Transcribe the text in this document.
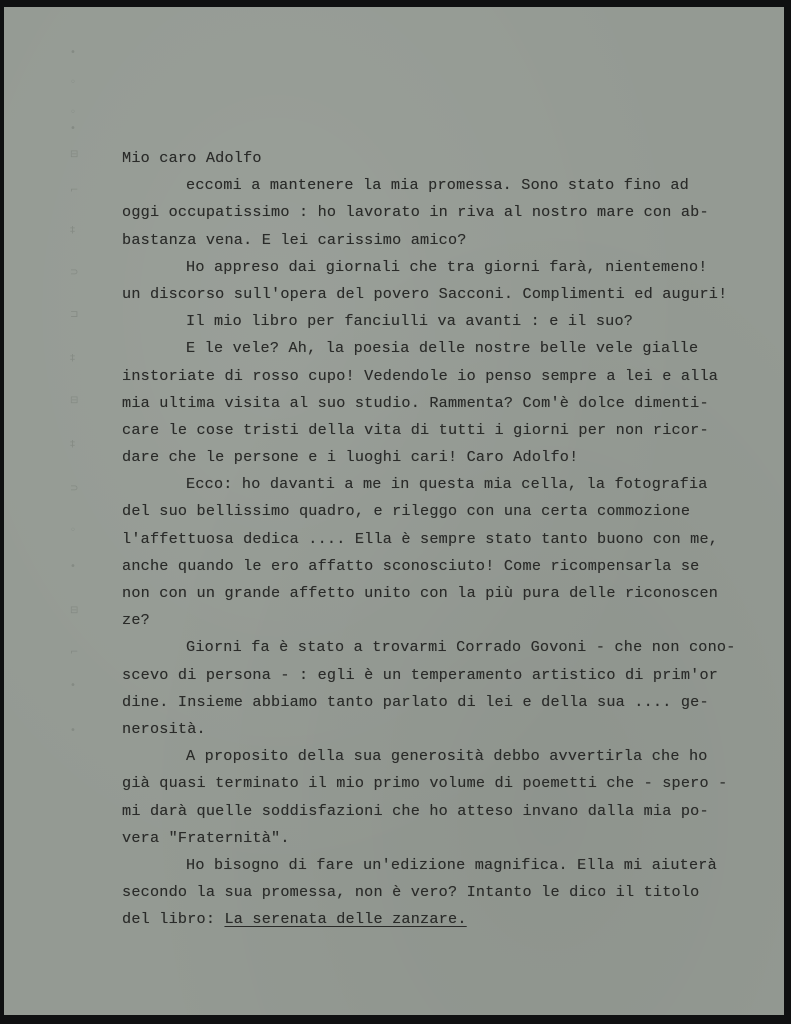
•
◦
◦
•
⊟
⌐
‡
⊃
⊐
‡
⊟
‡
⊃
◦
•
⊟
⌐
•
•
Mio caro Adolfo
eccomi a mantenere la mia promessa. Sono stato fino ad
oggi occupatissimo : ho lavorato in riva al nostro mare con ab-
bastanza vena. E lei carissimo amico?
Ho appreso dai giornali che tra giorni farà, nientemeno!
un discorso sull'opera del povero Sacconi. Complimenti ed auguri!
Il mio libro per fanciulli va avanti : e il suo?
E le vele? Ah, la poesia delle nostre belle vele gialle
instoriate di rosso cupo! Vedendole io penso sempre a lei e alla
mia ultima visita al suo studio. Rammenta? Com'è dolce dimenti-
care le cose tristi della vita di tutti i giorni per non ricor-
dare che le persone e i luoghi cari! Caro Adolfo!
Ecco: ho davanti a me in questa mia cella, la fotografia
del suo bellissimo quadro, e rileggo con una certa commozione
l'affettuosa dedica .... Ella è sempre stato tanto buono con me,
anche quando le ero affatto sconosciuto! Come ricompensarla se
non con un grande affetto unito con la più pura delle riconoscen
ze?
Giorni fa è stato a trovarmi Corrado Govoni - che non cono-
scevo di persona - : egli è un temperamento artistico di prim'or
dine. Insieme abbiamo tanto parlato di lei e della sua .... ge-
nerosità.
A proposito della sua generosità debbo avvertirla che ho
già quasi terminato il mio primo volume di poemetti che - spero -
mi darà quelle soddisfazioni che ho atteso invano dalla mia po-
vera "Fraternità".
Ho bisogno di fare un'edizione magnifica. Ella mi aiuterà
secondo la sua promessa, non è vero? Intanto le dico il titolo
del libro: La serenata delle zanzare.
